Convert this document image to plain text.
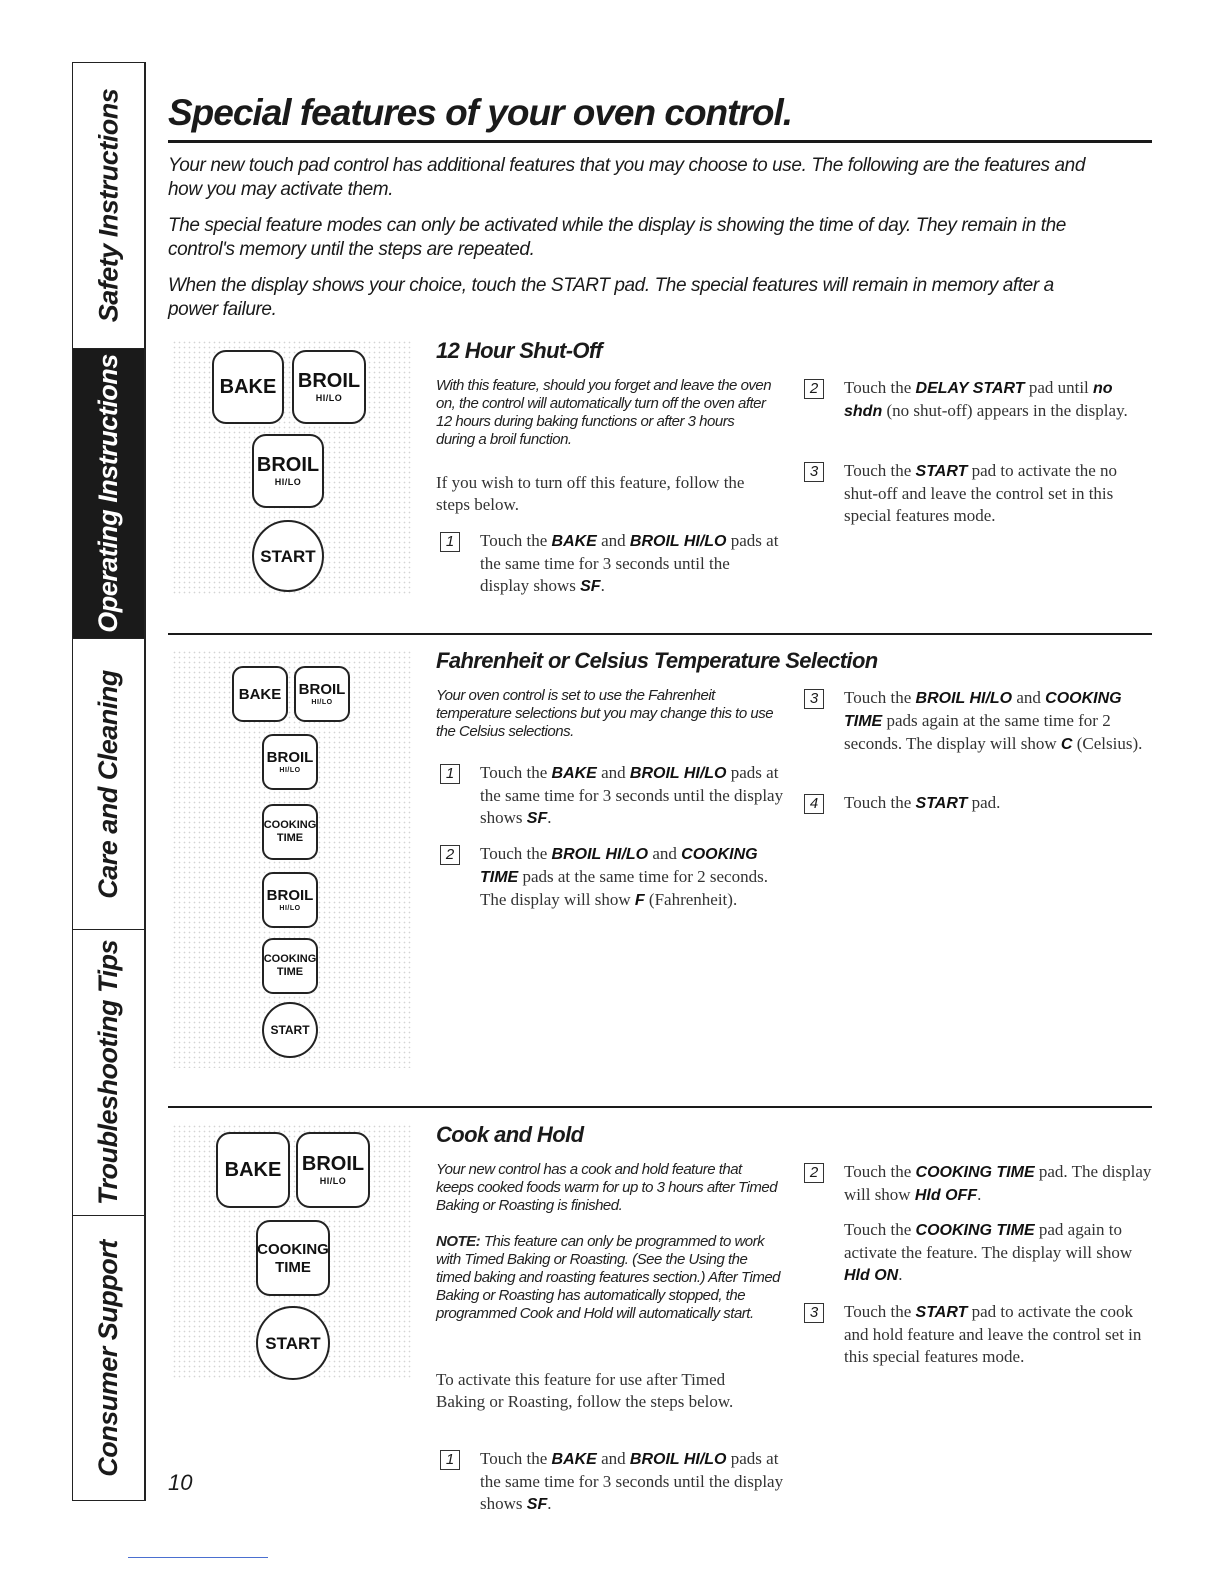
Safety Instructions
Operating Instructions
Care and Cleaning
Troubleshooting Tips
Consumer Support
Special features of your oven control.

Your new touch pad control has additional features that you may choose to use. The following are the features and how you may activate them.

The special feature modes can only be activated while the display is showing the time of day. They remain in the control's memory until the steps are repeated.

When the display shows your choice, touch the START pad. The special features will remain in memory after a power failure.

BAKE BROIL
HI/LO
BROIL
HI/LO
START
12 Hour Shut-Off

With this feature, should you forget and leave the oven on, the control will automatically turn off the oven after 12 hours during baking functions or after 3 hours during a broil function.

If you wish to turn off this feature, follow the steps below.

1	Touch the BAKE and BROIL HI/LO pads at the same time for 3 seconds until the display shows SF.

2	Touch the DELAY START pad until no shdn (no shut-off) appears in the display.

3	Touch the START pad to activate the no shut-off and leave the control set in this special features mode.

BAKE BROIL
HI/LO
BROIL
HI/LO
COOKING
TIME
BROIL
HI/LO
COOKING
TIME
START
Fahrenheit or Celsius Temperature Selection

Your oven control is set to use the Fahrenheit temperature selections but you may change this to use the Celsius selections.

1	Touch the BAKE and BROIL HI/LO pads at the same time for 3 seconds until the display shows SF.

2	Touch the BROIL HI/LO and COOKING TIME pads at the same time for 2 seconds. The display will show F (Fahrenheit).

3	Touch the BROIL HI/LO and COOKING TIME pads again at the same time for 2 seconds. The display will show C (Celsius).

4	Touch the START pad.

BAKE BROIL
HI/LO
COOKING
TIME
START
Cook and Hold

Your new control has a cook and hold feature that keeps cooked foods warm for up to 3 hours after Timed Baking or Roasting is finished.

NOTE: This feature can only be programmed to work with Timed Baking or Roasting. (See the Using the timed baking and roasting features section.) After Timed Baking or Roasting has automatically stopped, the programmed Cook and Hold will automatically start.

To activate this feature for use after Timed Baking or Roasting, follow the steps below.

1	Touch the BAKE and BROIL HI/LO pads at the same time for 3 seconds until the display shows SF.

2	Touch the COOKING TIME pad. The display will show Hld OFF.

Touch the COOKING TIME pad again to activate the feature. The display will show Hld ON.

3	Touch the START pad to activate the cook and hold feature and leave the control set in this special features mode.

10
